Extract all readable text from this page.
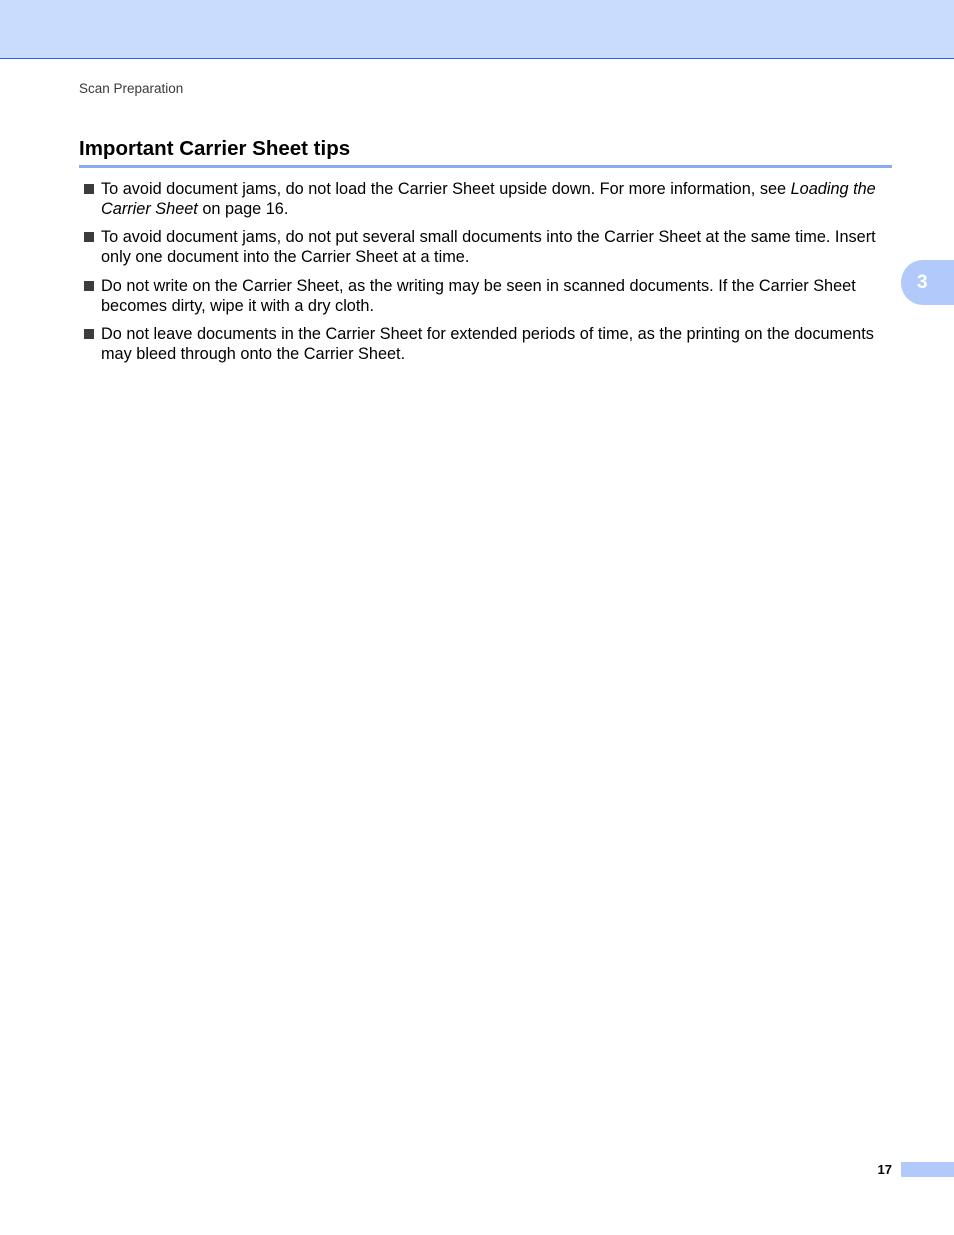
Scan Preparation
Important Carrier Sheet tips
To avoid document jams, do not load the Carrier Sheet upside down. For more information, see Loading the Carrier Sheet on page 16.
To avoid document jams, do not put several small documents into the Carrier Sheet at the same time. Insert only one document into the Carrier Sheet at a time.
Do not write on the Carrier Sheet, as the writing may be seen in scanned documents. If the Carrier Sheet becomes dirty, wipe it with a dry cloth.
Do not leave documents in the Carrier Sheet for extended periods of time, as the printing on the documents may bleed through onto the Carrier Sheet.
3
17
